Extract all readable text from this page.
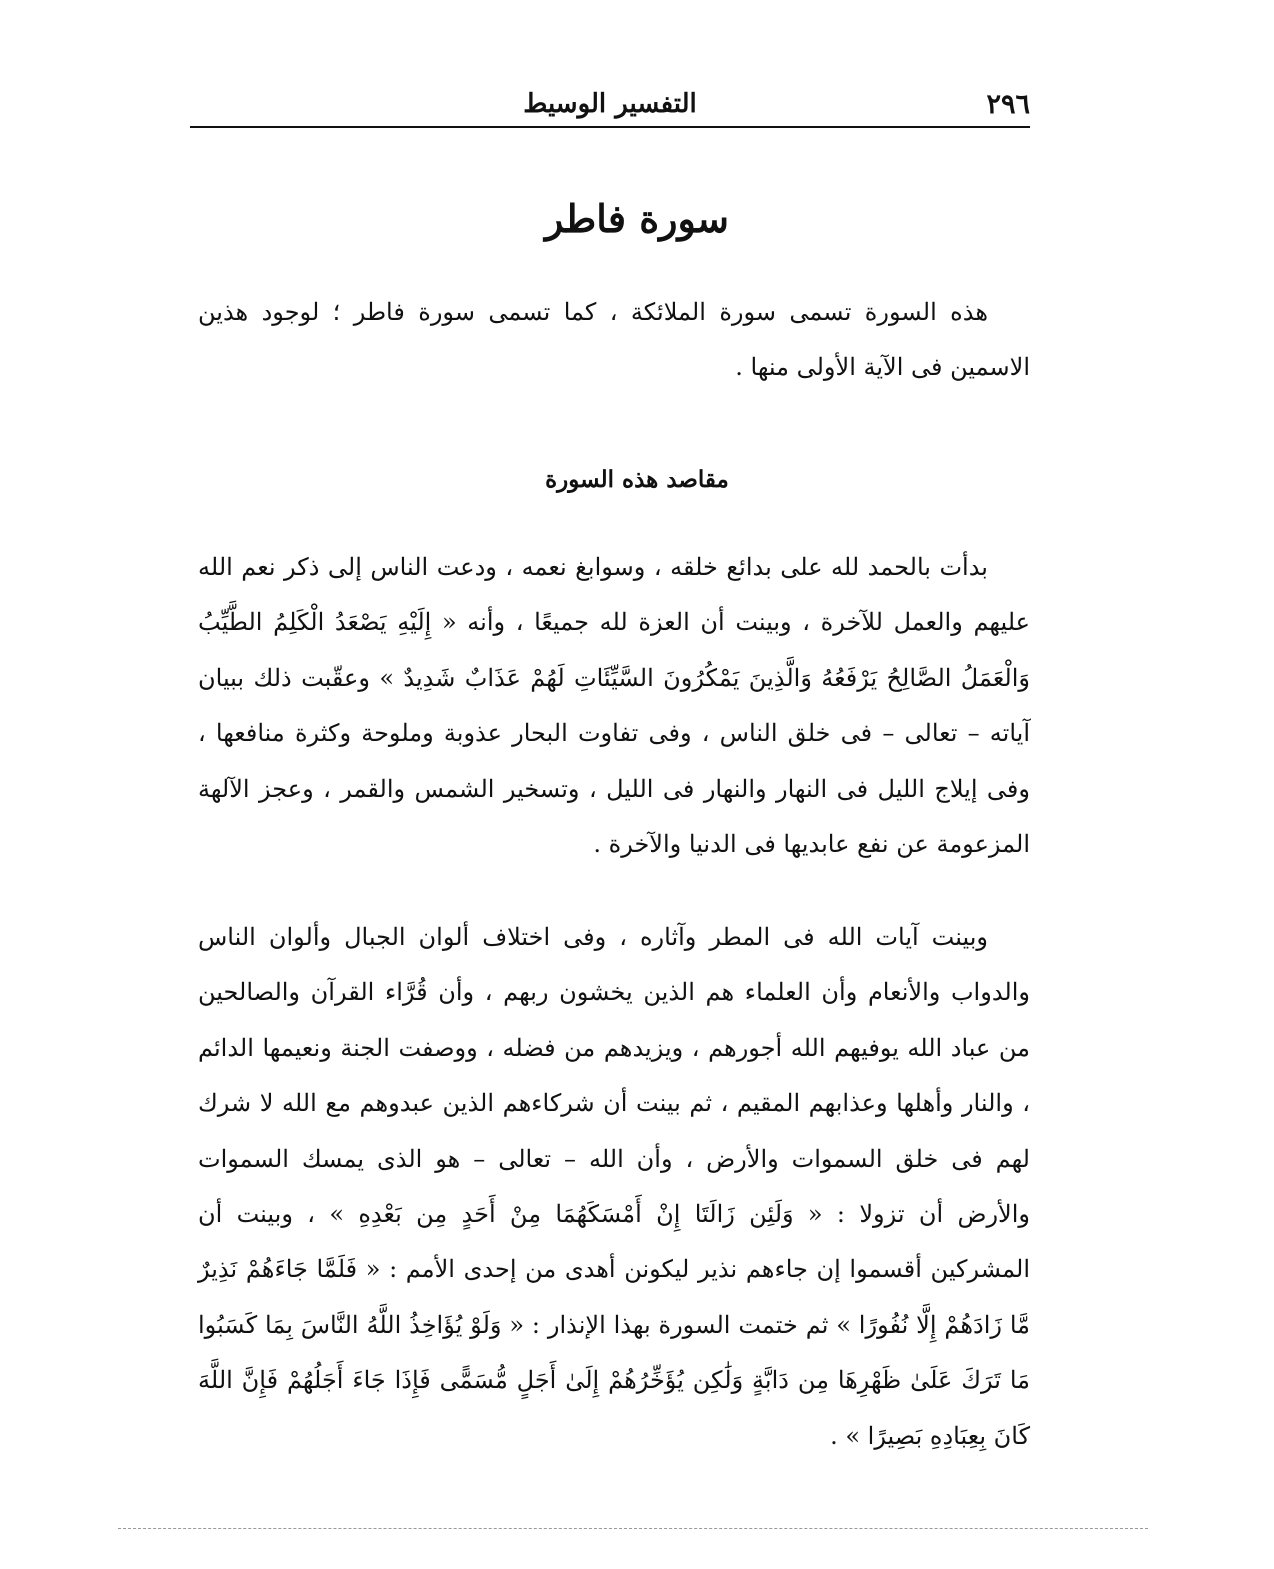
٢٩٦
التفسير الوسيط
سورة فاطر

هذه السورة تسمى سورة الملائكة ، كما تسمى سورة فاطر ؛ لوجود هذين الاسمين فى الآية الأولى منها .

مقاصد هذه السورة

بدأت بالحمد لله على بدائع خلقه ، وسوابغ نعمه ، ودعت الناس إلى ذكر نعم الله عليهم والعمل للآخرة ، وبينت أن العزة لله جميعًا ، وأنه « إِلَيْهِ يَصْعَدُ الْكَلِمُ الطَّيِّبُ وَالْعَمَلُ الصَّالِحُ يَرْفَعُهُ وَالَّذِينَ يَمْكُرُونَ السَّيِّئَاتِ لَهُمْ عَذَابٌ شَدِيدٌ » وعقّبت ذلك ببيان آياته – تعالى – فى خلق الناس ، وفى تفاوت البحار عذوبة وملوحة وكثرة منافعها ، وفى إيلاج الليل فى النهار والنهار فى الليل ، وتسخير الشمس والقمر ، وعجز الآلهة المزعومة عن نفع عابديها فى الدنيا والآخرة .

وبينت آيات الله فى المطر وآثاره ، وفى اختلاف ألوان الجبال وألوان الناس والدواب والأنعام وأن العلماء هم الذين يخشون ربهم ، وأن قُرَّاء القرآن والصالحين من عباد الله يوفيهم الله أجورهم ، ويزيدهم من فضله ، ووصفت الجنة ونعيمها الدائم ، والنار وأهلها وعذابهم المقيم ، ثم بينت أن شركاءهم الذين عبدوهم مع الله لا شرك لهم فى خلق السموات والأرض ، وأن الله – تعالى – هو الذى يمسك السموات والأرض أن تزولا : « وَلَئِن زَالَتَا إِنْ أَمْسَكَهُمَا مِنْ أَحَدٍ مِن بَعْدِهِ » ، وبينت أن المشركين أقسموا إن جاءهم نذير ليكونن أهدى من إحدى الأمم : « فَلَمَّا جَاءَهُمْ نَذِيرٌ مَّا زَادَهُمْ إِلَّا نُفُورًا » ثم ختمت السورة بهذا الإنذار : « وَلَوْ يُؤَاخِذُ اللَّهُ النَّاسَ بِمَا كَسَبُوا مَا تَرَكَ عَلَىٰ ظَهْرِهَا مِن دَابَّةٍ وَلَٰكِن يُؤَخِّرُهُمْ إِلَىٰ أَجَلٍ مُّسَمًّى فَإِذَا جَاءَ أَجَلُهُمْ فَإِنَّ اللَّهَ كَانَ بِعِبَادِهِ بَصِيرًا » .
